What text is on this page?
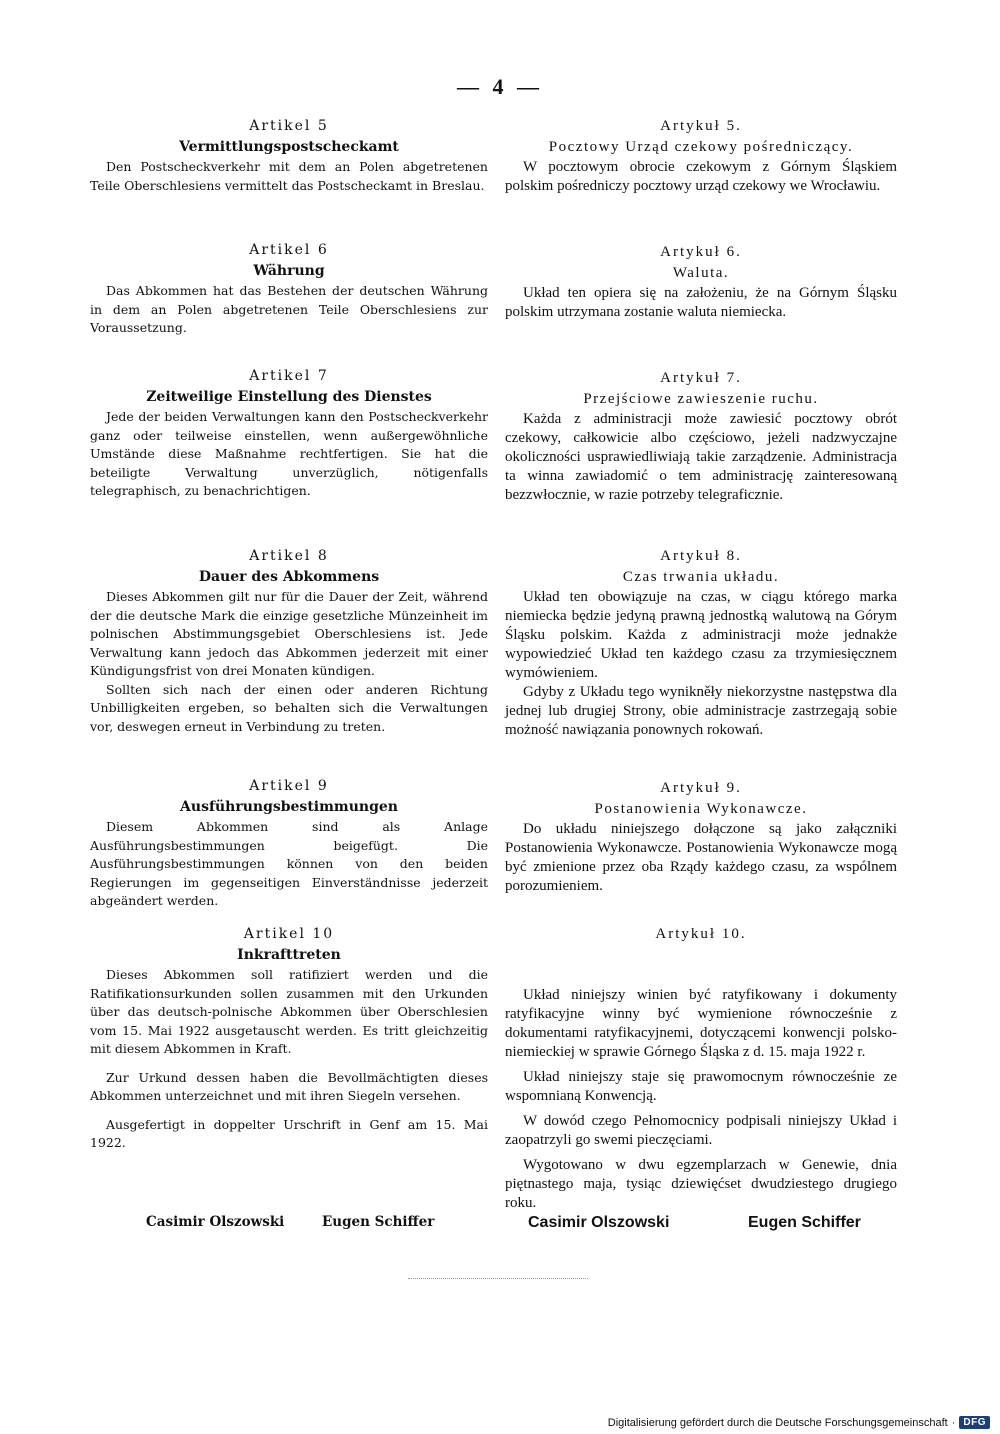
— 4 —
Artikel 5
Vermittlungspostscheckamt

Den Postscheckverkehr mit dem an Polen abgetretenen Teile Oberschlesiens vermittelt das Postscheckamt in Breslau.

Artikel 6
Währung

Das Abkommen hat das Bestehen der deutschen Währung in dem an Polen abgetretenen Teile Oberschlesiens zur Voraussetzung.

Artikel 7
Zeitweilige Einstellung des Dienstes

Jede der beiden Verwaltungen kann den Postscheckverkehr ganz oder teilweise einstellen, wenn außergewöhnliche Umstände diese Maßnahme rechtfertigen. Sie hat die beteiligte Verwaltung unverzüglich, nötigenfalls telegraphisch, zu benachrichtigen.

Artikel 8
Dauer des Abkommens

Dieses Abkommen gilt nur für die Dauer der Zeit, während der die deutsche Mark die einzige gesetzliche Münzeinheit im polnischen Abstimmungsgebiet Oberschlesiens ist. Jede Verwaltung kann jedoch das Abkommen jederzeit mit einer Kündigungsfrist von drei Monaten kündigen.

Sollten sich nach der einen oder anderen Richtung Unbilligkeiten ergeben, so behalten sich die Verwaltungen vor, deswegen erneut in Verbindung zu treten.

Artikel 9
Ausführungsbestimmungen

Diesem Abkommen sind als Anlage Ausführungsbestimmungen beigefügt. Die Ausführungsbestimmungen können von den beiden Regierungen im gegenseitigen Einverständnisse jederzeit abgeändert werden.

Artikel 10
Inkrafttreten

Dieses Abkommen soll ratifiziert werden und die Ratifikationsurkunden sollen zusammen mit den Urkunden über das deutsch-polnische Abkommen über Oberschlesien vom 15. Mai 1922 ausgetauscht werden. Es tritt gleichzeitig mit diesem Abkommen in Kraft.

Zur Urkund dessen haben die Bevollmächtigten dieses Abkommen unterzeichnet und mit ihren Siegeln versehen.

Ausgefertigt in doppelter Urschrift in Genf am 15. Mai 1922.

Artykuł 5.
Pocztowy Urząd czekowy pośredniczący.

W pocztowym obrocie czekowym z Górnym Śląskiem polskim pośredniczy pocztowy urząd czekowy we Wrocławiu.

Artykuł 6.
Waluta.

Układ ten opiera się na założeniu, że na Górnym Śląsku polskim utrzymana zostanie waluta niemiecka.

Artykuł 7.
Przejściowe zawieszenie ruchu.

Każda z administracji może zawiesić pocztowy obrót czekowy, całkowicie albo częściowo, jeżeli nadzwyczajne okoliczności usprawiedliwiają takie zarządzenie. Administracja ta winna zawiadomić o tem administrację zainteresowaną bezzwłocznie, w razie potrzeby telegraficznie.

Artykuł 8.
Czas trwania układu.

Układ ten obowiązuje na czas, w ciągu którego marka niemiecka będzie jedyną prawną jednostką walutową na Górym Śląsku polskim. Każda z administracji może jednakże wypowiedzieć Układ ten każdego czasu za trzymiesięcznem wymówieniem.

Gdyby z Układu tego wynikněły niekorzystne następstwa dla jednej lub drugiej Strony, obie administracje zastrzegają sobie możność nawiązania ponownych rokowań.

Artykuł 9.
Postanowienia Wykonawcze.

Do układu niniejszego dołączone są jako załączniki Postanowienia Wykonawcze. Postanowienia Wykonawcze mogą być zmienione przez oba Rządy każdego czasu, za wspólnem porozumieniem.

Artykuł 10.

Układ niniejszy winien być ratyfikowany i dokumenty ratyfikacyjne winny być wymienione równocześnie z dokumentami ratyfikacyjnemi, dotyczącemi konwencji polsko-niemieckiej w sprawie Górnego Śląska z d. 15. maja 1922 r.

Układ niniejszy staje się prawomocnym równocześnie ze wspomnianą Konwencją.

W dowód czego Pełnomocnicy podpisali niniejszy Układ i zaopatrzyli go swemi pieczęciami.

Wygotowano w dwu egzemplarzach w Genewie, dnia piętnastego maja, tysiąc dziewięćset dwudziestego drugiego roku.

Casimir Olszowski	Eugen Schiffer	Casimir Olszowski	Eugen Schiffer
Digitalisierung gefördert durch die Deutsche Forschungsgemeinschaft · DFG
